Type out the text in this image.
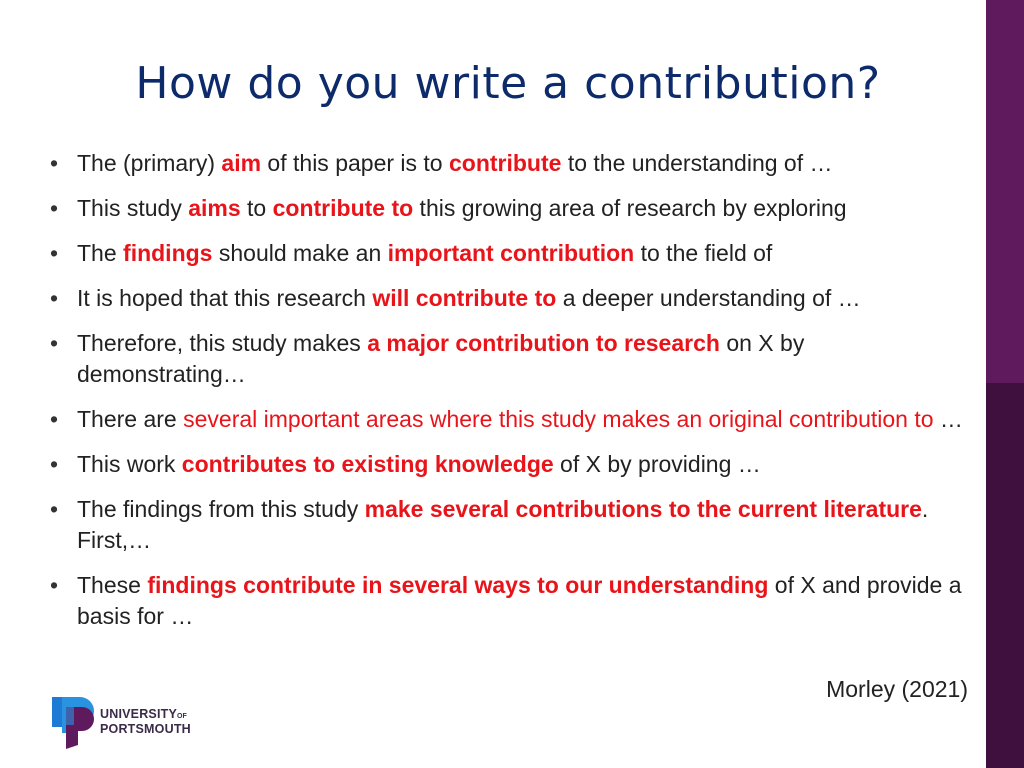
How do you write a contribution?
• The (primary) aim of this paper is to contribute to the understanding of …
• This study aims to contribute to this growing area of research by exploring
• The findings should make an important contribution to the field of
• It is hoped that this research will contribute to a deeper understanding of …
• Therefore, this study makes a major contribution to research on X by demonstrating…
• There are several important areas where this study makes an original contribution to …
• This work contributes to existing knowledge of X by providing …
• The findings from this study make several contributions to the current literature. First,…
• These findings contribute in several ways to our understanding of X and provide a basis for …
Morley (2021)
UNIVERSITYOF
PORTSMOUTH
